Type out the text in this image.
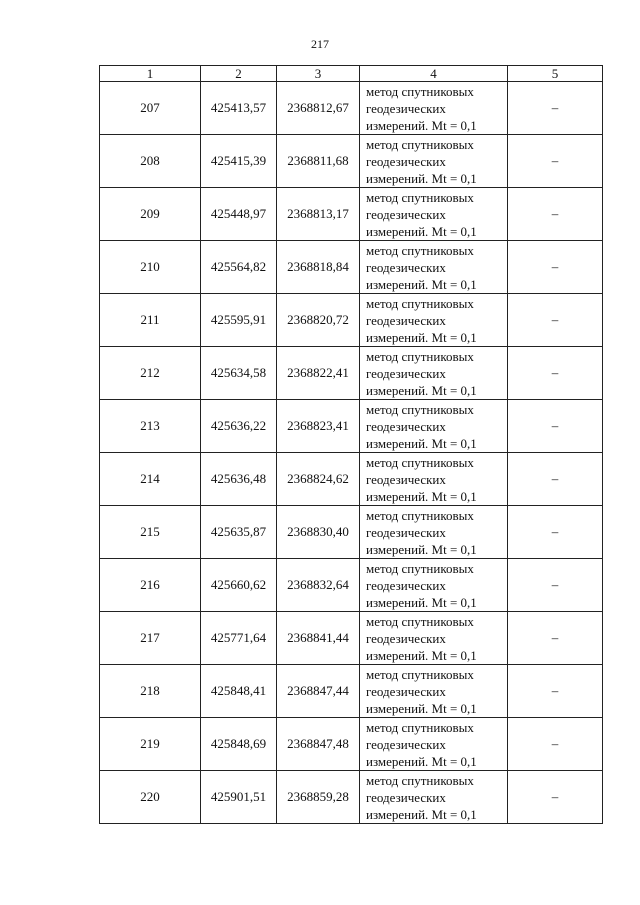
217
1	2	3	4	5
207	425413,57	2368812,67	метод спутниковых
геодезических
измерений. Mt = 0,1	–
208	425415,39	2368811,68	метод спутниковых
геодезических
измерений. Mt = 0,1	–
209	425448,97	2368813,17	метод спутниковых
геодезических
измерений. Mt = 0,1	–
210	425564,82	2368818,84	метод спутниковых
геодезических
измерений. Mt = 0,1	–
211	425595,91	2368820,72	метод спутниковых
геодезических
измерений. Mt = 0,1	–
212	425634,58	2368822,41	метод спутниковых
геодезических
измерений. Mt = 0,1	–
213	425636,22	2368823,41	метод спутниковых
геодезических
измерений. Mt = 0,1	–
214	425636,48	2368824,62	метод спутниковых
геодезических
измерений. Mt = 0,1	–
215	425635,87	2368830,40	метод спутниковых
геодезических
измерений. Mt = 0,1	–
216	425660,62	2368832,64	метод спутниковых
геодезических
измерений. Mt = 0,1	–
217	425771,64	2368841,44	метод спутниковых
геодезических
измерений. Mt = 0,1	–
218	425848,41	2368847,44	метод спутниковых
геодезических
измерений. Mt = 0,1	–
219	425848,69	2368847,48	метод спутниковых
геодезических
измерений. Mt = 0,1	–
220	425901,51	2368859,28	метод спутниковых
геодезических
измерений. Mt = 0,1	–
